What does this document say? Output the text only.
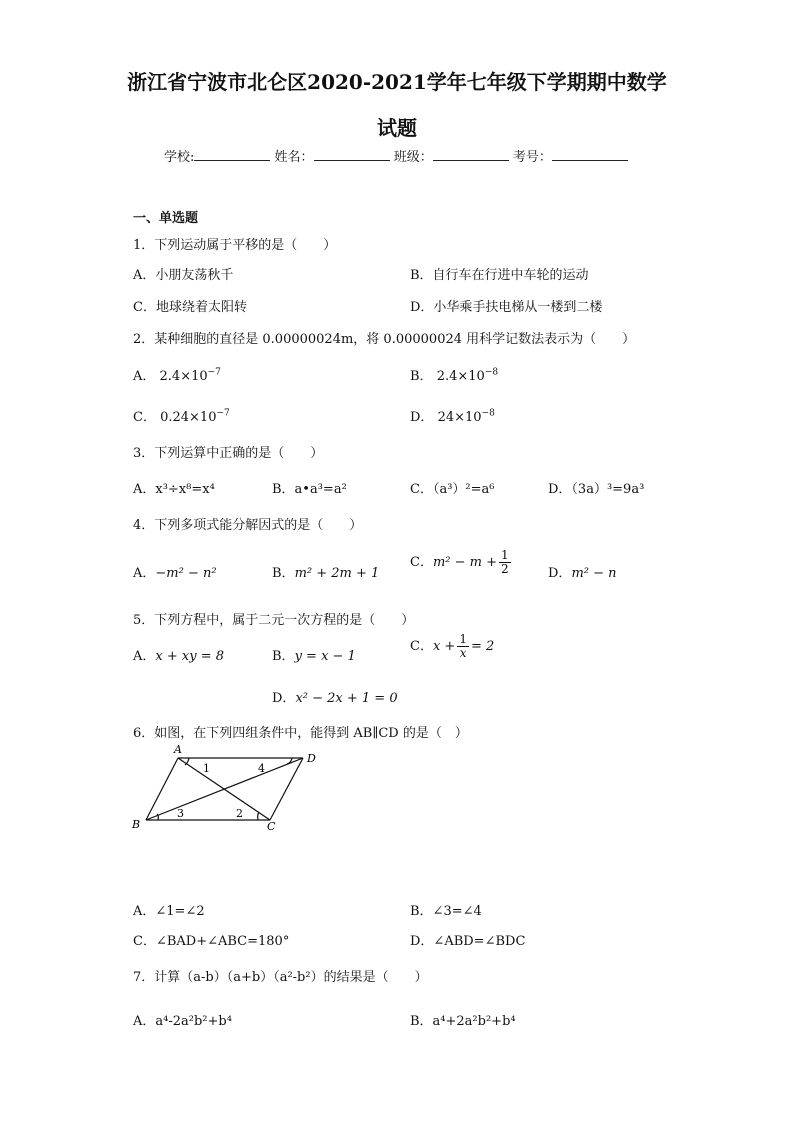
浙江省宁波市北仑区2020-2021学年七年级下学期期中数学
试题
学校:	姓名：	班级：	考号：
一、单选题
1．下列运动属于平移的是（　　）
A．小朋友荡秋千	B．自行车在行进中车轮的运动
C．地球绕着太阳转	D．小华乘手扶电梯从一楼到二楼
2．某种细胞的直径是 0.00000024m，将 0.00000024 用科学记数法表示为（　　）
A． $2.4\times 10^{-7}$	B． $2.4\times 10^{-8}$
C． $0.24\times 10^{-7}$	D． $24\times 10^{-8}$
3．下列运算中正确的是（　　）
A．x³÷x⁸=x⁴	B．a•a³=a²	C．（a³）²=a⁶	D．（3a）³=9a³
4．下列多项式能分解因式的是（　　）
A．−m² − n²	B．m² + 2m + 1
C．$m^2 - m + \frac{1}{2}$	D．m² − n
5．下列方程中，属于二元一次方程的是（　　）
A．x + xy = 8	B．y = x − 1
C．$x + \frac{1}{x} = 2$
D．x² − 2x + 1 = 0
6．如图，在下列四组条件中，能得到 AB∥CD 的是（　）
A
D
B	C
1	4
3	2
A．∠1=∠2	B．∠3=∠4
C．∠BAD+∠ABC=180°	D．∠ABD=∠BDC
7．计算（a-b）（a+b）（a²-b²）的结果是（　　）
A．a⁴-2a²b²+b⁴	B．a⁴+2a²b²+b⁴
